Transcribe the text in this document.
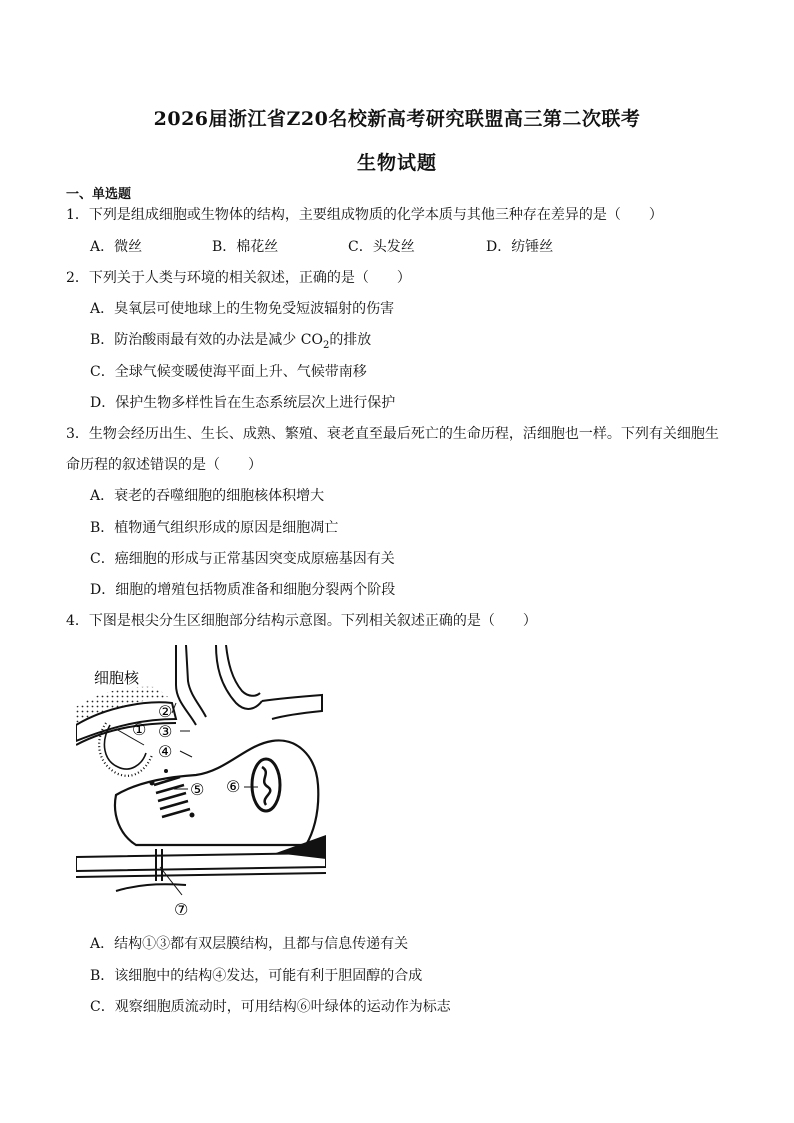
2026届浙江省Z20名校新高考研究联盟高三第二次联考
生物试题
一、单选题
1．下列是组成细胞或生物体的结构，主要组成物质的化学本质与其他三种存在差异的是（　　）
A．微丝	B．棉花丝	C．头发丝	D．纺锤丝
2．下列关于人类与环境的相关叙述，正确的是（　　）
A．臭氧层可使地球上的生物免受短波辐射的伤害
B．防治酸雨最有效的办法是减少 $CO_2$的排放
C．全球气候变暖使海平面上升、气候带南移
D．保护生物多样性旨在生态系统层次上进行保护
3．生物会经历出生、生长、成熟、繁殖、衰老直至最后死亡的生命历程，活细胞也一样。下列有关细胞生
命历程的叙述错误的是（　　）
A．衰老的吞噬细胞的细胞核体积增大
B．植物通气组织形成的原因是细胞凋亡
C．癌细胞的形成与正常基因突变成原癌基因有关
D．细胞的增殖包括物质准备和细胞分裂两个阶段
4．下图是根尖分生区细胞部分结构示意图。下列相关叙述正确的是（　　）
细胞核
①
②
③
④
⑤ ⑥
⑦
A．结构①③都有双层膜结构，且都与信息传递有关
B．该细胞中的结构④发达，可能有利于胆固醇的合成
C．观察细胞质流动时，可用结构⑥叶绿体的运动作为标志
